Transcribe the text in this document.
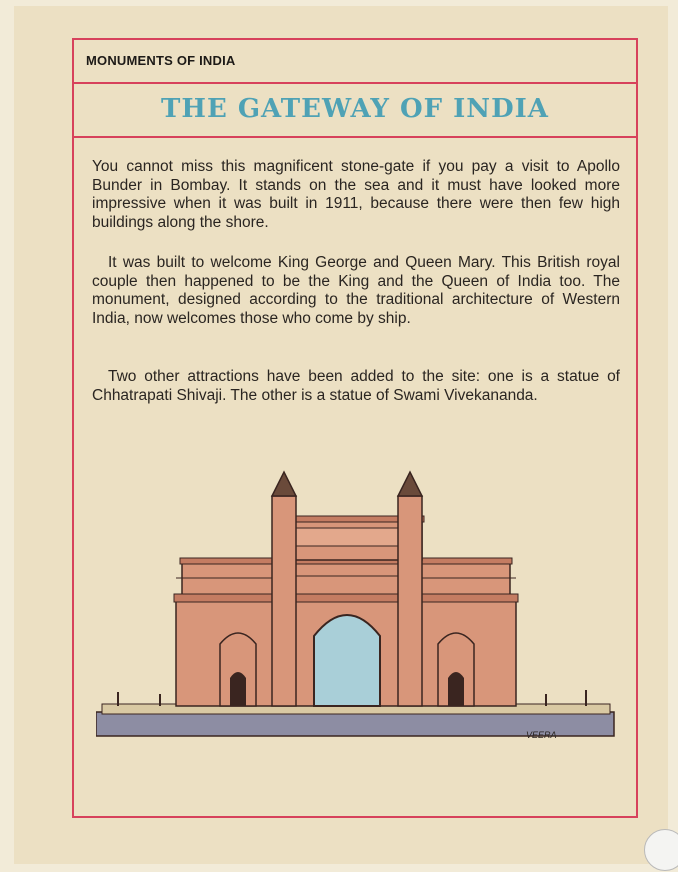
MONUMENTS OF INDIA
THE GATEWAY OF INDIA
You cannot miss this magnificent stone-gate if you pay a visit to Apollo Bunder in Bombay. It stands on the sea and it must have looked more impressive when it was built in 1911, because there were then few high buildings along the shore.
It was built to welcome King George and Queen Mary. This British royal couple then happened to be the King and the Queen of India too. The monument, designed according to the traditional architecture of Western India, now welcomes those who come by ship.
Two other attractions have been added to the site: one is a statue of Chhatrapati Shivaji. The other is a statue of Swami Vivekananda.
VEERA
